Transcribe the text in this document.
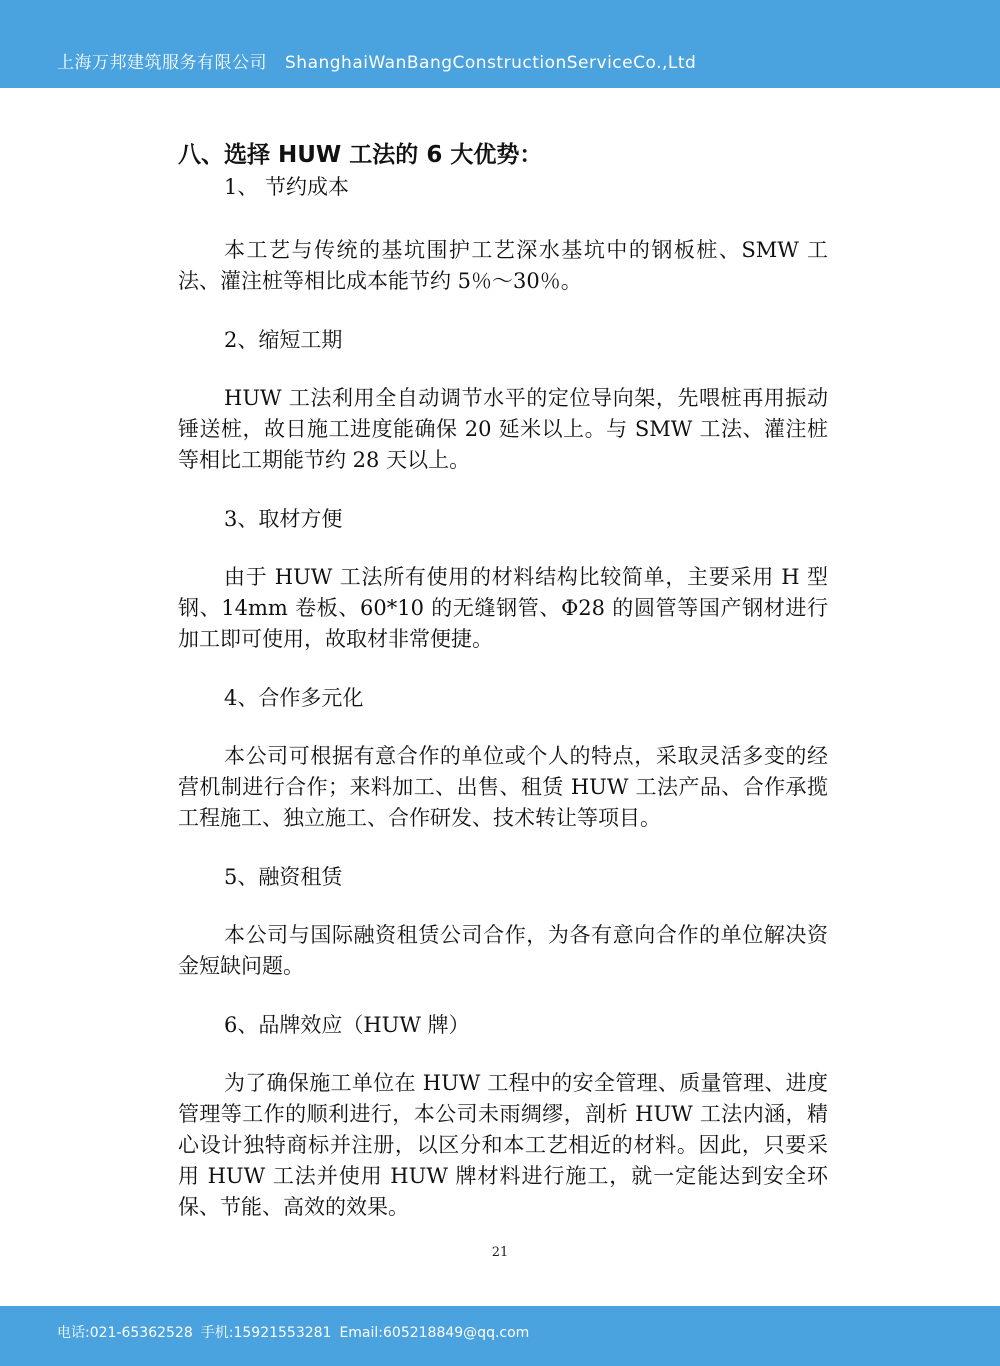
上海万邦建筑服务有限公司 ShanghaiWanBangConstructionServiceCo.,Ltd
八、选择 HUW 工法的 6 大优势：

1、 节约成本

本工艺与传统的基坑围护工艺深水基坑中的钢板桩、SMW 工法、灌注桩等相比成本能节约 5％～30％。

2、缩短工期

HUW 工法利用全自动调节水平的定位导向架，先喂桩再用振动锤送桩，故日施工进度能确保 20 延米以上。与 SMW 工法、灌注桩等相比工期能节约 28 天以上。

3、取材方便

由于 HUW 工法所有使用的材料结构比较简单，主要采用 H 型钢、14mm 卷板、60*10 的无缝钢管、Φ28 的圆管等国产钢材进行加工即可使用，故取材非常便捷。

4、合作多元化

本公司可根据有意合作的单位或个人的特点，采取灵活多变的经营机制进行合作；来料加工、出售、租赁 HUW 工法产品、合作承揽工程施工、独立施工、合作研发、技术转让等项目。

5、融资租赁

本公司与国际融资租赁公司合作，为各有意向合作的单位解决资金短缺问题。

6、品牌效应（HUW 牌）

为了确保施工单位在 HUW 工程中的安全管理、质量管理、进度管理等工作的顺利进行，本公司未雨绸缪，剖析 HUW 工法内涵，精心设计独特商标并注册，以区分和本工艺相近的材料。因此，只要采用 HUW 工法并使用 HUW 牌材料进行施工，就一定能达到安全环保、节能、高效的效果。

21
电话:021-65362528 手机:15921553281 Email:605218849@qq.com
